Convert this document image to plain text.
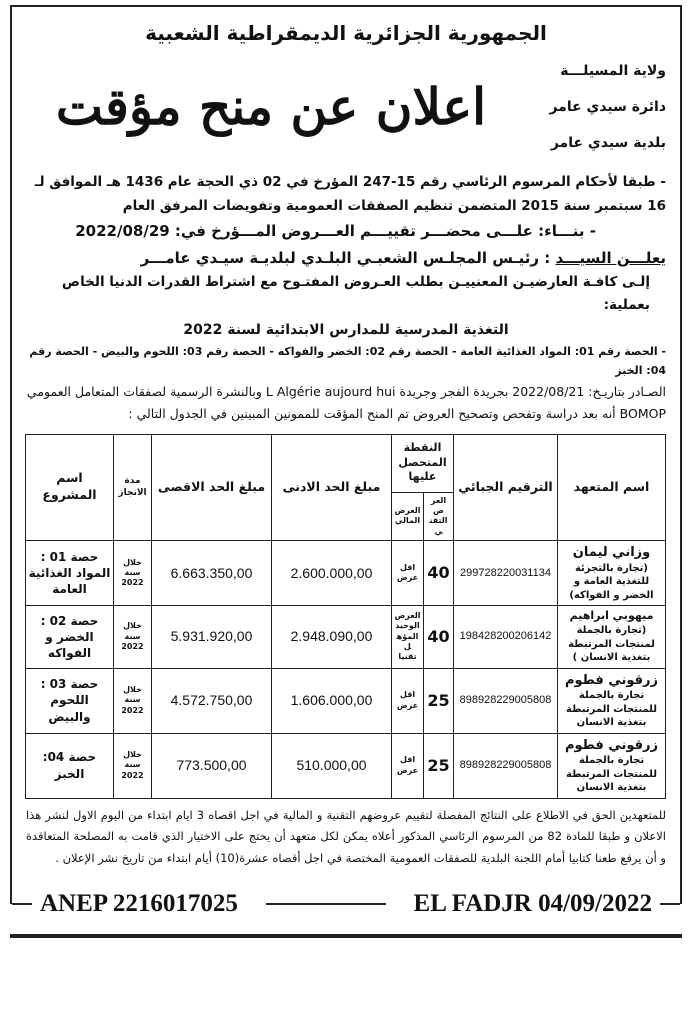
الجمهورية الجزائرية الديمقراطية الشعبية
ولاية المسيلـــة
دائرة سيدي عامر
بلدية سيدي عامر
اعلان عن منح مؤقت
- طبقا لأحكام المرسوم الرئاسي رقم 15-247 المؤرخ في 02 ذي الحجة عام 1436 هـ الموافق لـ 16 سبتمبر سنة 2015 المتضمن تنظيم الصفقات العمومية وتفويضات المرفق العام
- بنـــاء: علـــى محضـــر تقييـــم العـــروض المـــؤرخ في: 2022/08/29
يعلـــن السيـــد : رئيـس المجلـس الشعبـي البلـدي لبلديـة سيـدي عامـــر
إلـى كافـة العارضيـن المعنييـن بطلب العـروض المفتـوح مع اشتراط القدرات الدنيا الخاص بعملية:
التغذية المدرسية للمدارس الابتدائية لسنة 2022
- الحصة رقم 01: المواد الغذائية العامة - الحصة رقم 02: الخضر والفواكه - الحصة رقم 03: اللحوم والبيض - الحصة رقم 04: الخبز
الصـادر بتاريـخ: 2022/08/21 بجريدة الفجر وجريدة L Algérie aujourd hui وبالنشرة الرسمية لصفقات المتعامل العمومي
BOMOP أنه بعد دراسة وتفحص وتصحيح العروض تم المنح المؤقت للممونين المبينين في الجدول التالي :
اسم المتعهد	الترقيم الجبائي	النقطة المتحصل عليها		مبلغ الحد الادنى	مبلغ الحد الاقصى	مدة الانجاز	اسم المشروع
		العرض التقني	العرض المالي				

وزاني ليمان
(تجارة بالتجزئة للتغذية العامة و الخضر و الفواكه)	299728220031134	40	اقل عرض	2.600.000,00	6.663.350,00	خلال سنة 2022	حصة 01 : المواد الغذائية العامة

ميهوبي ابراهيم
(تجارة بالجملة لمنتجات المرتبطة بتغذية الانسان )	198428200206142	40	العرض الوحيد المؤهل تقنيا	2.948.090,00	5.931.920,00	خلال سنة 2022	حصة 02 : الخضر و الفواكه

زرقوني فطوم
تجارة بالجملة للمنتجات المرتبطة بتغذية الانسان	898928229005808	25	اقل عرض	1.606.000,00	4.572.750,00	خلال سنة 2022	حصة 03 : اللحوم والبيض

زرقوني فطوم
تجارة بالجملة للمنتجات المرتبطة بتغذية الانسان	898928229005808	25	اقل عرض	510.000,00	773.500,00	خلال سنة 2022	حصة 04: الخبز
للمتعهدين الحق في الاطلاع على النتائج المفصلة لتقييم عروضهم التقنية و المالية في اجل اقصاه 3 ايام ابتداء من اليوم الاول لنشر هذا الاعلان و طبقا للمادة 82 من المرسوم الرئاسي المذكور أعلاه يمكن لكل متعهد أن يحتج على الاختيار الذي قامت به المصلحة المتعاقدة و أن يرفع طعنا كتابيا أمام اللجنة البلدية للصفقات العمومية المختصة في اجل أقصاه عشرة(10) أيام ابتداء من تاريخ نشر الإعلان .
ANEP 2216017025	EL FADJR 04/09/2022
